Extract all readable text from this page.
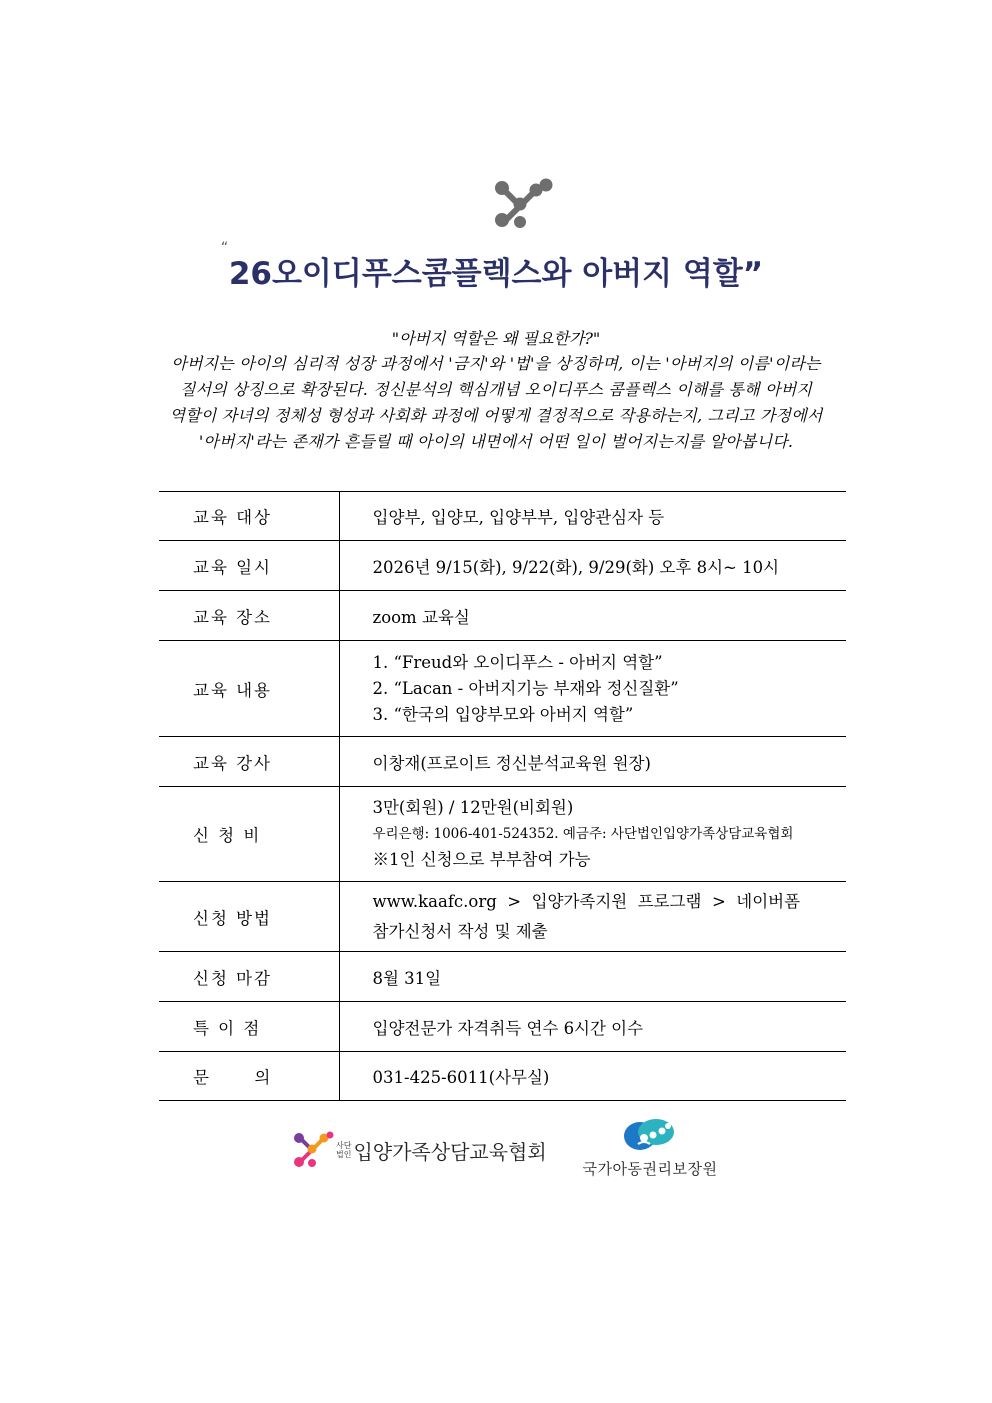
“
26오이디푸스콤플렉스와 아버지 역할”
"아버지 역할은 왜 필요한가?"
아버지는 아이의 심리적 성장 과정에서 '금지'와 '법'을 상징하며, 이는 '아버지의 이름'이라는
질서의 상징으로 확장된다. 정신분석의 핵심개념 오이디푸스 콤플렉스 이해를 통해 아버지
역할이 자녀의 정체성 형성과 사회화 과정에 어떻게 결정적으로 작용하는지, 그리고 가정에서
'아버지'라는 존재가 흔들릴 때 아이의 내면에서 어떤 일이 벌어지는지를 알아봅니다.
교육 대상	입양부, 입양모, 입양부부, 입양관심자 등
교육 일시	2026년 9/15(화), 9/22(화), 9/29(화) 오후 8시~ 10시
교육 장소	zoom 교육실
교육 내용	1. “Freud와 오이디푸스 - 아버지 역할”
2. “Lacan - 아버지기능 부재와 정신질환”
3. “한국의 입양부모와 아버지 역할”

교육 강사	이창재(프로이트 정신분석교육원 원장)
신 청 비	3만(회원) / 12만원(비회원)
우리은행: 1006-401-524352. 예금주: 사단법인입양가족상담교육협회
※1인 신청으로 부부참여 가능

신청 방법	www.kaafc.org  >  입양가족지원  프로그램  >  네이버폼
참가신청서 작성 및 제출

신청 마감	8월 31일
특 이 점	입양전문가 자격취득 연수 6시간 이수
문      의	031-425-6011(사무실)
사단
법인 입양가족상담교육협회
국가아동권리보장원
